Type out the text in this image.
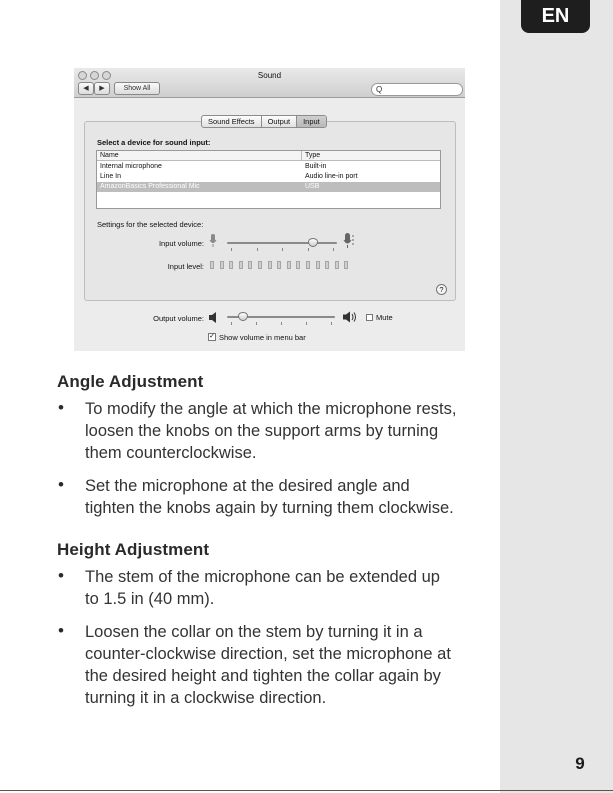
EN
9
Sound
◀	▶	Show All	Q
Sound Effects	Output	Input
Select a device for sound input:
Name	Type
Internal microphone	Built-in
Line In	Audio line-in port
AmazonBasics Professional Mic	USB
Settings for the selected device:
Input volume:
Input level:
?
Output volume:	Mute
✓ Show volume in menu bar
Angle Adjustment
• To modify the angle at which the microphone rests,
loosen the knobs on the support arms by turning
them counterclockwise.
• Set the microphone at the desired angle and
tighten the knobs again by turning them clockwise.
Height Adjustment
• The stem of the microphone can be extended up
to 1.5 in (40 mm).
• Loosen the collar on the stem by turning it in a
counter-clockwise direction, set the microphone at
the desired height and tighten the collar again by
turning it in a clockwise direction.
